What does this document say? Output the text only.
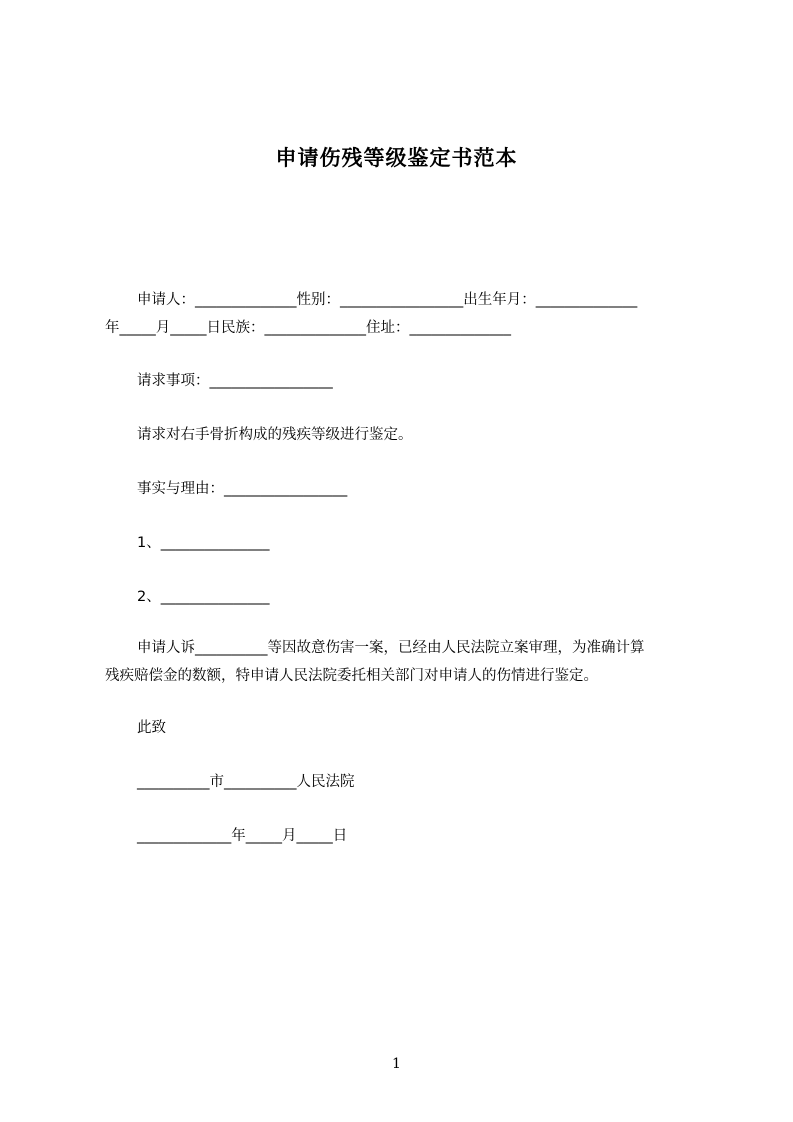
申请伤残等级鉴定书范本
申请人：______________性别：_________________出生年月：______________
年_____月_____日民族：______________住址：______________
请求事项：_________________
请求对右手骨折构成的残疾等级进行鉴定。
事实与理由：_________________
1、_______________
2、_______________
申请人诉__________等因故意伤害一案，已经由人民法院立案审理，为准确计算
残疾赔偿金的数额，特申请人民法院委托相关部门对申请人的伤情进行鉴定。
此致
__________市__________人民法院
_____________年_____月_____日
1
